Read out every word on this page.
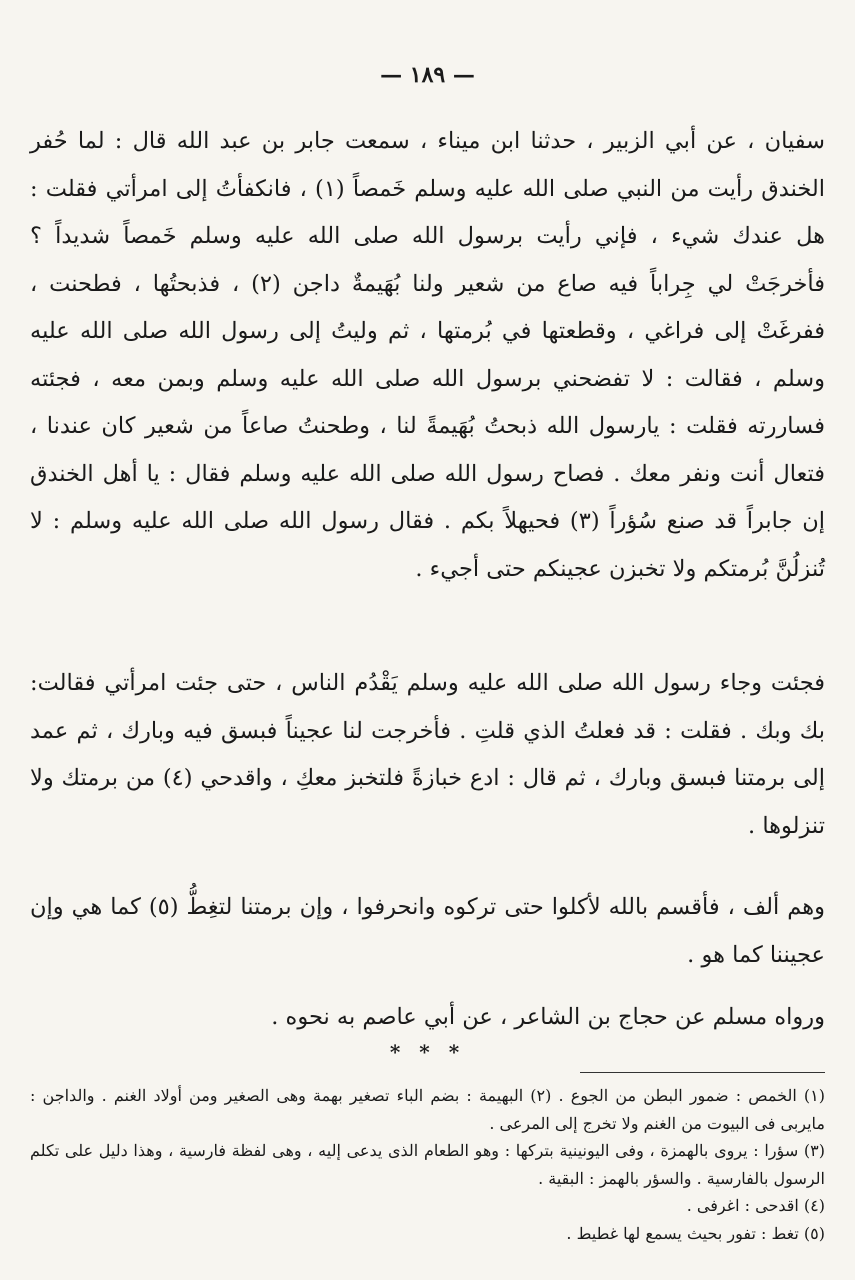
— ١٨٩ —

سفيان ، عن أبي الزبير ، حدثنا ابن ميناء ، سمعت جابر بن عبد الله قال : لما حُفر الخندق رأيت من النبي صلى الله عليه وسلم خَمصاً (١) ، فانكفأتُ إلى امرأتي فقلت : هل عندك شيء ، فإني رأيت برسول الله صلى الله عليه وسلم خَمصاً شديداً ؟ فأخرجَتْ لي جِراباً فيه صاع من شعير ولنا بُهَيمةٌ داجن (٢) ، فذبحتُها ، فطحنت ، ففرغَتْ إلى فراغي ، وقطعتها في بُرمتها ، ثم وليتُ إلى رسول الله صلى الله عليه وسلم ، فقالت : لا تفضحني برسول الله صلى الله عليه وسلم وبمن معه ، فجئته فساررته فقلت : يارسول الله ذبحتُ بُهَيمةً لنا ، وطحنتُ صاعاً من شعير كان عندنا ، فتعال أنت ونفر معك . فصاح رسول الله صلى الله عليه وسلم فقال : يا أهل الخندق إن جابراً قد صنع سُؤراً (٣) فحيهلاً بكم . فقال رسول الله صلى الله عليه وسلم : لا تُنزلُنَّ بُرمتكم ولا تخبزن عجينكم حتى أجيء .

فجئت وجاء رسول الله صلى الله عليه وسلم يَقْدُم الناس ، حتى جئت امرأتي فقالت: بك وبك . فقلت : قد فعلتُ الذي قلتِ . فأخرجت لنا عجيناً فبسق فيه وبارك ، ثم عمد إلى برمتنا فبسق وبارك ، ثم قال : ادع خبازةً فلتخبز معكِ ، واقدحي (٤) من برمتك ولا تنزلوها .

وهم ألف ، فأقسم بالله لأكلوا حتى تركوه وانحرفوا ، وإن برمتنا لتغِطُّ (٥) كما هي وإن عجيننا كما هو .

ورواه مسلم عن حجاج بن الشاعر ، عن أبي عاصم به نحوه .

* * *

(١) الخمص : ضمور البطن من الجوع . (٢) البهيمة : بضم الباء تصغير بهمة وهى الصغير ومن أولاد الغنم . والداجن : مايربى فى البيوت من الغنم ولا تخرج إلى المرعى .

(٣) سؤرا : يروى بالهمزة ، وفى اليونينية بتركها : وهو الطعام الذى يدعى إليه ، وهى لفظة فارسية ، وهذا دليل على تكلم الرسول بالفارسية . والسؤر بالهمز : البقية .

(٤) اقدحى : اغرفى .

(٥) تغط : تفور بحيث يسمع لها غطيط .
